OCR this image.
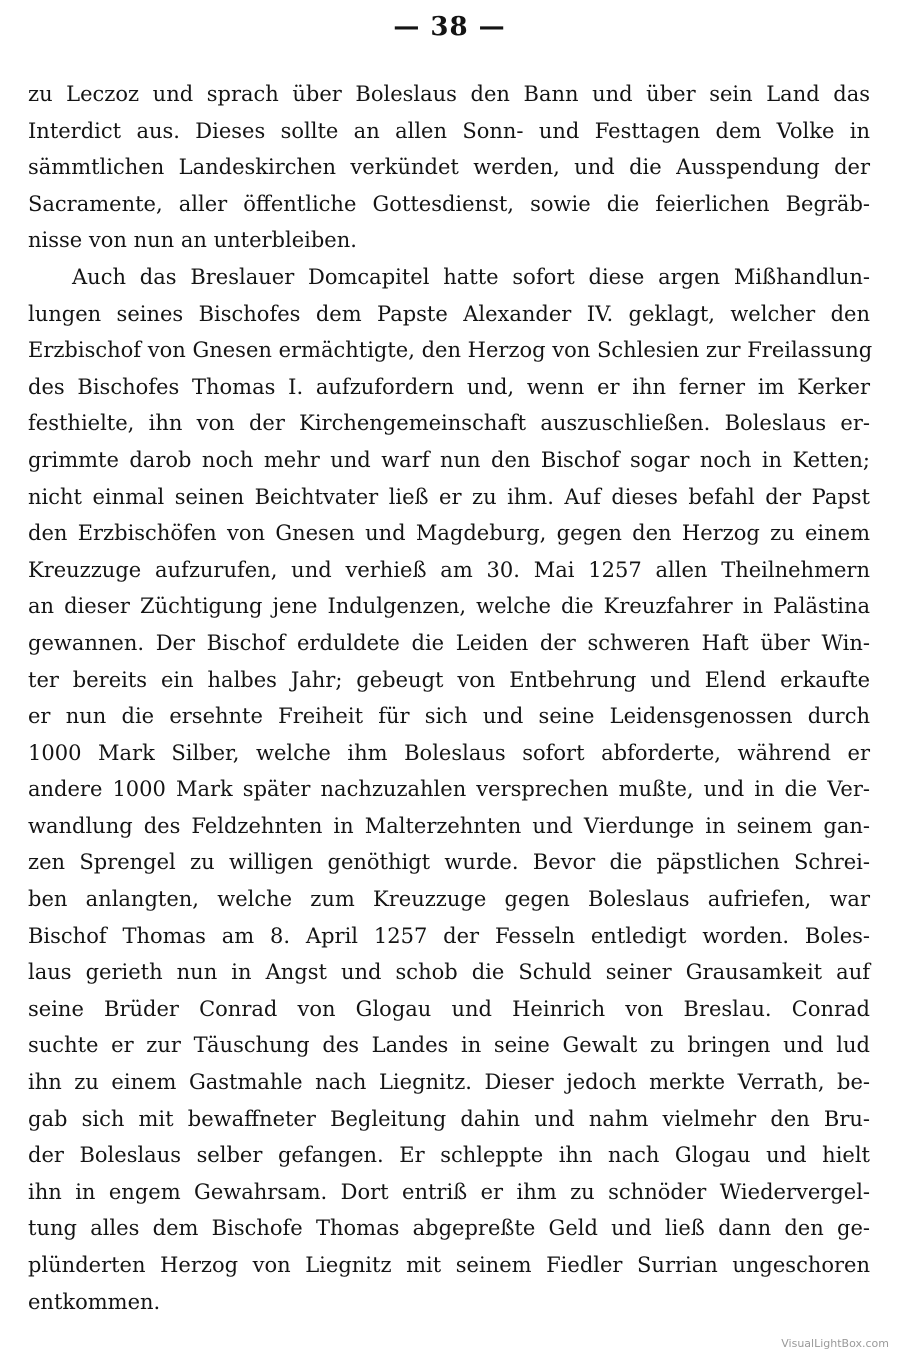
— 38 —
zu Leczoz und sprach über Boleslaus den Bann und über sein Land das
Interdict aus. Dieses sollte an allen Sonn- und Festtagen dem Volke in
sämmtlichen Landeskirchen verkündet werden, und die Ausspendung der
Sacramente, aller öffentliche Gottesdienst, sowie die feierlichen Begräb-
nisse von nun an unterbleiben.
Auch das Breslauer Domcapitel hatte sofort diese argen Mißhandlun-
lungen seines Bischofes dem Papste Alexander IV. geklagt, welcher den
Erzbischof von Gnesen ermächtigte, den Herzog von Schlesien zur Freilassung
des Bischofes Thomas I. aufzufordern und, wenn er ihn ferner im Kerker
festhielte, ihn von der Kirchengemeinschaft auszuschließen. Boleslaus er-
grimmte darob noch mehr und warf nun den Bischof sogar noch in Ketten;
nicht einmal seinen Beichtvater ließ er zu ihm. Auf dieses befahl der Papst
den Erzbischöfen von Gnesen und Magdeburg, gegen den Herzog zu einem
Kreuzzuge aufzurufen, und verhieß am 30. Mai 1257 allen Theilnehmern
an dieser Züchtigung jene Indulgenzen, welche die Kreuzfahrer in Palästina
gewannen. Der Bischof erduldete die Leiden der schweren Haft über Win-
ter bereits ein halbes Jahr; gebeugt von Entbehrung und Elend erkaufte
er nun die ersehnte Freiheit für sich und seine Leidensgenossen durch
1000 Mark Silber, welche ihm Boleslaus sofort abforderte, während er
andere 1000 Mark später nachzuzahlen versprechen mußte, und in die Ver-
wandlung des Feldzehnten in Malterzehnten und Vierdunge in seinem gan-
zen Sprengel zu willigen genöthigt wurde. Bevor die päpstlichen Schrei-
ben anlangten, welche zum Kreuzzuge gegen Boleslaus aufriefen, war
Bischof Thomas am 8. April 1257 der Fesseln entledigt worden. Boles-
laus gerieth nun in Angst und schob die Schuld seiner Grausamkeit auf
seine Brüder Conrad von Glogau und Heinrich von Breslau. Conrad
suchte er zur Täuschung des Landes in seine Gewalt zu bringen und lud
ihn zu einem Gastmahle nach Liegnitz. Dieser jedoch merkte Verrath, be-
gab sich mit bewaffneter Begleitung dahin und nahm vielmehr den Bru-
der Boleslaus selber gefangen. Er schleppte ihn nach Glogau und hielt
ihn in engem Gewahrsam. Dort entriß er ihm zu schnöder Wiedervergel-
tung alles dem Bischofe Thomas abgepreßte Geld und ließ dann den ge-
plünderten Herzog von Liegnitz mit seinem Fiedler Surrian ungeschoren
entkommen.
VisualLightBox.com
